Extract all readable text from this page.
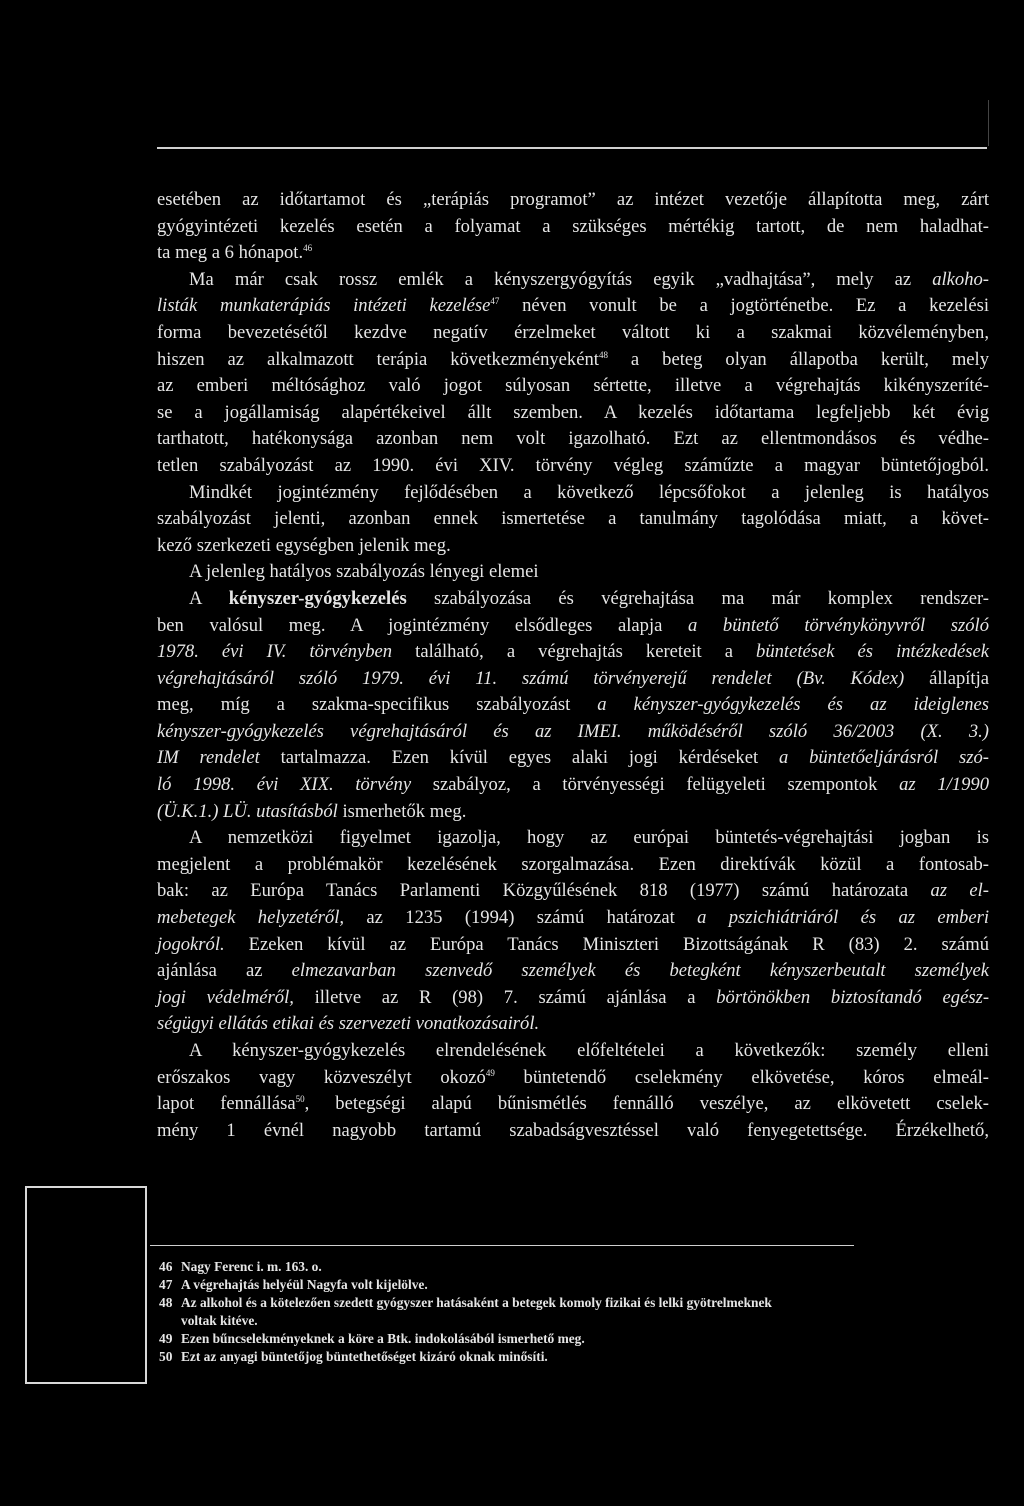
esetében az időtartamot és „terápiás programot” az intézet vezetője állapította meg, zárt
gyógyintézeti kezelés esetén a folyamat a szükséges mértékig tartott, de nem haladhat-
ta meg a 6 hónapot.$^{46}$
Ma már csak rossz emlék a kényszergyógyítás egyik „vadhajtása”, mely az alkoho-
listák munkaterápiás intézeti kezelése$^{47}$ néven vonult be a jogtörténetbe. Ez a kezelési
forma bevezetésétől kezdve negatív érzelmeket váltott ki a szakmai közvéleményben,
hiszen az alkalmazott terápia következményeként$^{48}$ a beteg olyan állapotba került, mely
az emberi méltósághoz való jogot súlyosan sértette, illetve a végrehajtás kikényszeríté-
se a jogállamiság alapértékeivel állt szemben. A kezelés időtartama legfeljebb két évig
tarthatott, hatékonysága azonban nem volt igazolható. Ezt az ellentmondásos és védhe-
tetlen szabályozást az 1990. évi XIV. törvény végleg száműzte a magyar büntetőjogból.
Mindkét jogintézmény fejlődésében a következő lépcsőfokot a jelenleg is hatályos
szabályozást jelenti, azonban ennek ismertetése a tanulmány tagolódása miatt, a követ-
kező szerkezeti egységben jelenik meg.
A jelenleg hatályos szabályozás lényegi elemei
A kényszer-gyógykezelés szabályozása és végrehajtása ma már komplex rendszer-
ben valósul meg. A jogintézmény elsődleges alapja a büntető törvénykönyvről szóló
1978. évi IV. törvényben található, a végrehajtás kereteit a büntetések és intézkedések
végrehajtásáról szóló 1979. évi 11. számú törvényerejű rendelet (Bv. Kódex) állapítja
meg, míg a szakma-specifikus szabályozást a kényszer-gyógykezelés és az ideiglenes
kényszer-gyógykezelés végrehajtásáról és az IMEI. működéséről szóló 36/2003 (X. 3.)
IM rendelet tartalmazza. Ezen kívül egyes alaki jogi kérdéseket a büntetőeljárásról szó-
ló 1998. évi XIX. törvény szabályoz, a törvényességi felügyeleti szempontok az 1/1990
(Ü.K.1.) LÜ. utasításból ismerhetők meg.
A nemzetközi figyelmet igazolja, hogy az európai büntetés-végrehajtási jogban is
megjelent a problémakör kezelésének szorgalmazása. Ezen direktívák közül a fontosab-
bak: az Európa Tanács Parlamenti Közgyűlésének 818 (1977) számú határozata az el-
mebetegek helyzetéről, az 1235 (1994) számú határozat a pszichiátriáról és az emberi
jogokról. Ezeken kívül az Európa Tanács Miniszteri Bizottságának R (83) 2. számú
ajánlása az elmezavarban szenvedő személyek és betegként kényszerbeutalt személyek
jogi védelméről, illetve az R (98) 7. számú ajánlása a börtönökben biztosítandó egész-
ségügyi ellátás etikai és szervezeti vonatkozásairól.
A kényszer-gyógykezelés elrendelésének előfeltételei a következők: személy elleni
erőszakos vagy közveszélyt okozó$^{49}$ büntetendő cselekmény elkövetése, kóros elmeál-
lapot fennállása$^{50}$, betegségi alapú bűnismétlés fennálló veszélye, az elkövetett cselek-
mény 1 évnél nagyobb tartamú szabadságvesztéssel való fenyegetettsége. Érzékelhető,
46 Nagy Ferenc i. m. 163. o.
47 A végrehajtás helyéül Nagyfa volt kijelölve.
48 Az alkohol és a kötelezően szedett gyógyszer hatásaként a betegek komoly fizikai és lelki gyötrelmeknek
voltak kitéve.
49 Ezen bűncselekményeknek a köre a Btk. indokolásából ismerhető meg.
50 Ezt az anyagi büntetőjog büntethetőséget kizáró oknak minősíti.
